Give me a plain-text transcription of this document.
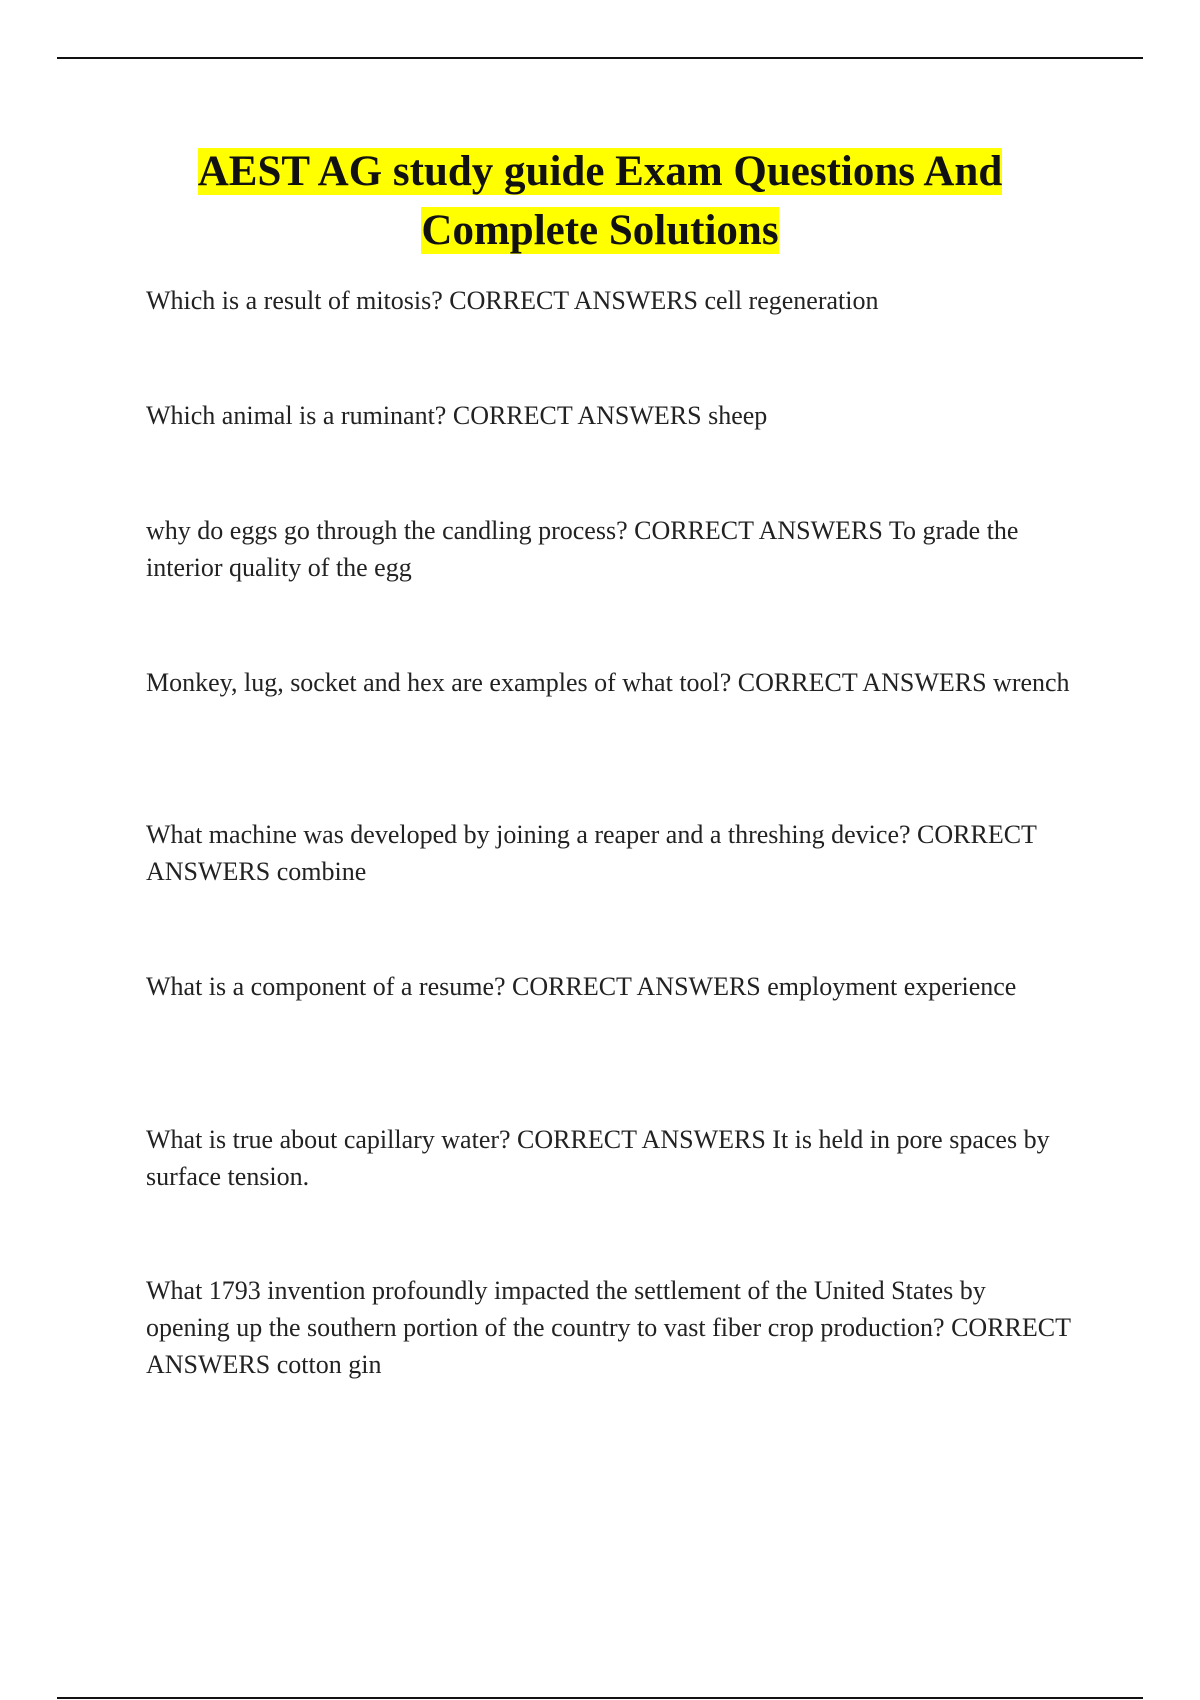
AEST AG study guide Exam Questions And
Complete Solutions

Which is a result of mitosis? CORRECT ANSWERS cell regeneration

Which animal is a ruminant? CORRECT ANSWERS sheep

why do eggs go through the candling process? CORRECT ANSWERS To grade the interior quality of the egg

Monkey, lug, socket and hex are examples of what tool? CORRECT ANSWERS wrench

What machine was developed by joining a reaper and a threshing device? CORRECT ANSWERS combine

What is a component of a resume? CORRECT ANSWERS employment experience

What is true about capillary water? CORRECT ANSWERS It is held in pore spaces by surface tension.

What 1793 invention profoundly impacted the settlement of the United States by opening up the southern portion of the country to vast fiber crop production? CORRECT ANSWERS cotton gin
